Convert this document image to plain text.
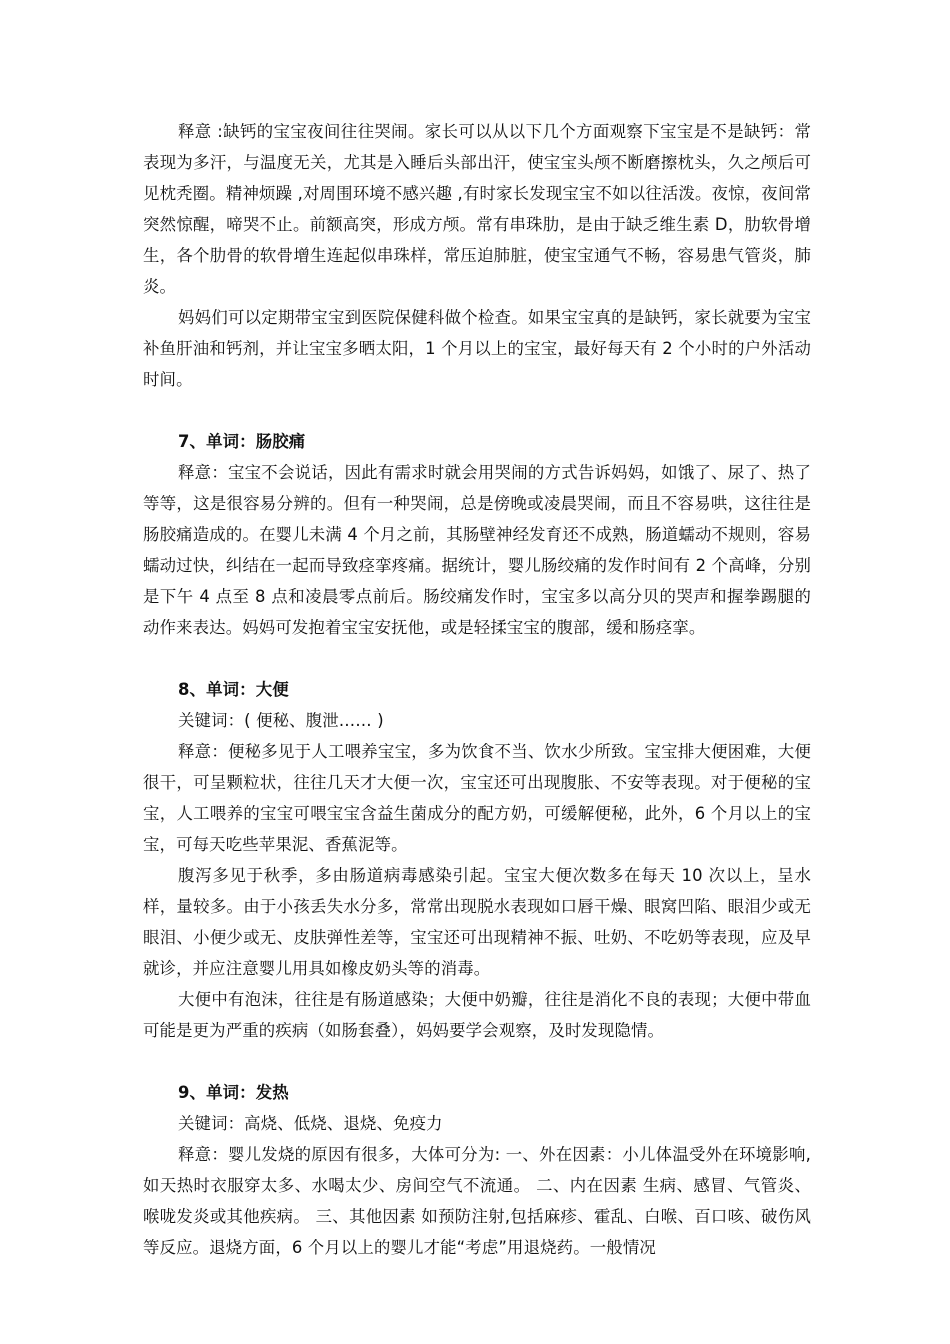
释意 :缺钙的宝宝夜间往往哭闹。家长可以从以下几个方面观察下宝宝是不是缺钙：常表现为多汗，与温度无关，尤其是入睡后头部出汗，使宝宝头颅不断磨擦枕头，久之颅后可见枕秃圈。精神烦躁 ,对周围环境不感兴趣 ,有时家长发现宝宝不如以往活泼。夜惊，夜间常突然惊醒，啼哭不止。前额高突，形成方颅。常有串珠肋，是由于缺乏维生素 D，肋软骨增生，各个肋骨的软骨增生连起似串珠样，常压迫肺脏，使宝宝通气不畅，容易患气管炎，肺炎。

妈妈们可以定期带宝宝到医院保健科做个检查。如果宝宝真的是缺钙，家长就要为宝宝补鱼肝油和钙剂，并让宝宝多晒太阳，1 个月以上的宝宝，最好每天有 2 个小时的户外活动时间。

7、单词：肠胶痛

释意：宝宝不会说话，因此有需求时就会用哭闹的方式告诉妈妈，如饿了、尿了、热了等等，这是很容易分辨的。但有一种哭闹，总是傍晚或凌晨哭闹，而且不容易哄，这往往是肠胶痛造成的。在婴儿未满 4 个月之前，其肠壁神经发育还不成熟，肠道蠕动不规则，容易蠕动过快，纠结在一起而导致痉挛疼痛。据统计，婴儿肠绞痛的发作时间有 2 个高峰，分别是下午 4 点至 8 点和凌晨零点前后。肠绞痛发作时，宝宝多以高分贝的哭声和握拳踢腿的动作来表达。妈妈可发抱着宝宝安抚他，或是轻揉宝宝的腹部，缓和肠痉挛。

8、单词：大便

关键词：( 便秘、腹泄…… )

释意：便秘多见于人工喂养宝宝，多为饮食不当、饮水少所致。宝宝排大便困难，大便很干，可呈颗粒状，往往几天才大便一次，宝宝还可出现腹胀、不安等表现。对于便秘的宝宝，人工喂养的宝宝可喂宝宝含益生菌成分的配方奶，可缓解便秘，此外，6 个月以上的宝宝，可每天吃些苹果泥、香蕉泥等。

腹泻多见于秋季，多由肠道病毒感染引起。宝宝大便次数多在每天 10 次以上，呈水样，量较多。由于小孩丢失水分多，常常出现脱水表现如口唇干燥、眼窝凹陷、眼泪少或无眼泪、小便少或无、皮肤弹性差等，宝宝还可出现精神不振、吐奶、不吃奶等表现，应及早就诊，并应注意婴儿用具如橡皮奶头等的消毒。

大便中有泡沫，往往是有肠道感染；大便中奶瓣，往往是消化不良的表现；大便中带血可能是更为严重的疾病（如肠套叠），妈妈要学会观察，及时发现隐情。

9、单词：发热

关键词：高烧、低烧、退烧、免疫力

释意：婴儿发烧的原因有很多，大体可分为: 一、外在因素：小儿体温受外在环境影响,如天热时衣服穿太多、水喝太少、房间空气不流通。 二、内在因素 生病、感冒、气管炎、喉咙发炎或其他疾病。 三、其他因素 如预防注射,包括麻疹、霍乱、白喉、百口咳、破伤风等反应。退烧方面，6 个月以上的婴儿才能“考虑”用退烧药。一般情况
